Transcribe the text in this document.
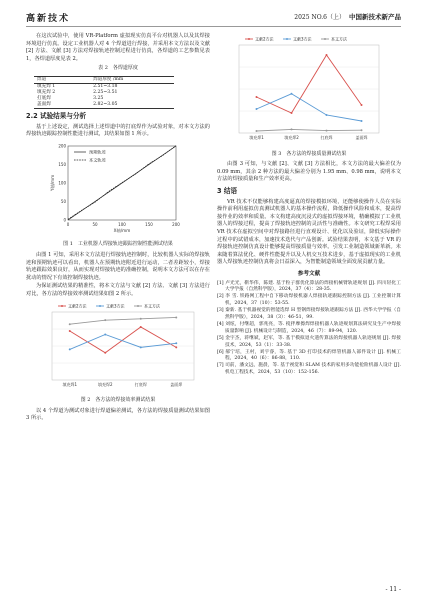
高新技术	2025 NO.6（上） 中国新技术新产品

在这次试验中，使用 VR-Platform 虚拟现实仿真平台对机器人以及其焊接环境进行仿真。设定工业机器人对 4 个焊道进行焊接，并采用本文方法以及文献 [2] 方法、文献 [3] 方法对焊接轨迹控制过程进行仿真，各焊道的工艺参数见表 1，各焊道厚度见表 2。

表 2　各焊道厚度
焊道	焊道厚度 /mm
填充焊 1	2.51~3.18
填充焊 2	2.25~3.51
打底焊	3.25
盖面焊	2.82~3.05
2.2 试验结果与分析

基于上述设定，测试选择上述焊道中的打底焊作为试验对象，对本文方法的焊接轨迹跟踪控制性能进行测试，其结果如图 1 所示。

0	50	100	150	200
0
50
100
150
200
X轴/mm
Y轴/mm
预期轨迹
本文轨迹
图 1　工业机器人焊接轨迹跟踪控制性能测试结果

由图 1 可知，采用本文方法进行焊接轨迹控制时，比较机器人实际的焊接轨迹和预期轨迹可以看出，机器人在预期轨迹附近进行运动，二者差距较小，焊接轨迹跟踪效果良好，从而实现对焊接轨迹的准确控制，说明本文方法可以在存在扰动的情况下有效控制焊接轨迹。

为保证测试结果的精准性，将本文方法与文献 [2] 方法、文献 [3] 方法进行对比，各方法的焊接效率测试结果如图 2 所示。

填充焊1	填充焊2	打底焊	盖面焊
文献2方法	文献3方法	本文方法
图 2　各方法的焊接效率测试结果

以 4 个焊道为测试对象进行焊道偏差测试，各方法的焊接质量测试结果如图 3 所示。

填充焊1	填充焊2	打底焊	盖面焊
文献2方法	文献3方法	本文方法
图 3　各方法的焊接质量测试结果

由图 3 可知，与文献 [2]、文献 [3] 方法相比，本文方法的最大偏差仅为 0.09 mm，其余 2 种方法的最大偏差分别为 1.95 mm、0.98 mm，说明本文方法的焊接质量和生产效率更高。

3 结语

VR 技术不仅能够构建高度逼真的焊接模拟环境，还能够使操作人员在实际操作前利用虚拟仿真测试机器人的基本操作流程，降低操作风险和成本，提高焊接作业的效率和质量。本文构建高度沉浸式的虚拟焊接环境，精确模拟了工业机器人的焊接过程，提高了焊接轨迹控制的灵活性与准确性。本文研究工程焊采用 VR 技术在虚拟空间中对焊接路径进行直观设计、优化以及验证，降低实际操作过程中的试错成本，加速技术迭代与产品创新。试验结果表明，本文基于 VR 的焊接轨迹控制仿真设计能够提高焊接质量与效率。引发工业制造领域新革新。未来随着算法优化、硬件性能提升以及人机交互技术进步，基于虚拟现实的工业机器人焊接轨迹控制仿真将会日益深入，为智能制造领域全面发展贡献力量。

参考文献

[1] 卢光光，靳华伟，陈建. 基于粒子群优化算法的焊接机械臂轨迹规划 [J]. 四川轻化工大学学报（自然科学版），2024，37（4）：28-35.

[2] 李 雪. 铁路网工程中自下移动焊接机器人焊接轨迹跟踪控制方法 [J]. 工业控制计算机，2024，37（10）：53-55.

[3] 秦新. 基于机器视觉的智能选焊 H 型钢焊接焊接轨迹跟踪方法 [J]. 西华大学学报（自然科学版），2024，38（3）：46-51，99.

[4] 刘炫，付继超，郭兆亮，等. 搅拌摩擦焊焊接机器人轨迹规划算法研究及生产中焊接质量影响 [J]. 机械设计与制造，2024，46（7）：89-94，120.

[5] 金宇杰，蒋继斌，赵军，等. 基于模拟退火遗传算法的焊接机器人轨迹规划 [J]. 焊接技术，2024，53（1）：33-38.

[6] 郝宁培，王村，刘宇睿，等. 基于 3D 打印技术的焊管机器人部件设计 [J]. 机械工程，2024，40（6）：86-88，110.

[7] 司前，潘文远，施晨，等. 基于视觉和 SLAM 技术的家用多功能抢险机器人设计 [J]. 机电工程技术，2024，53（10）：152-156.

- 11 -
